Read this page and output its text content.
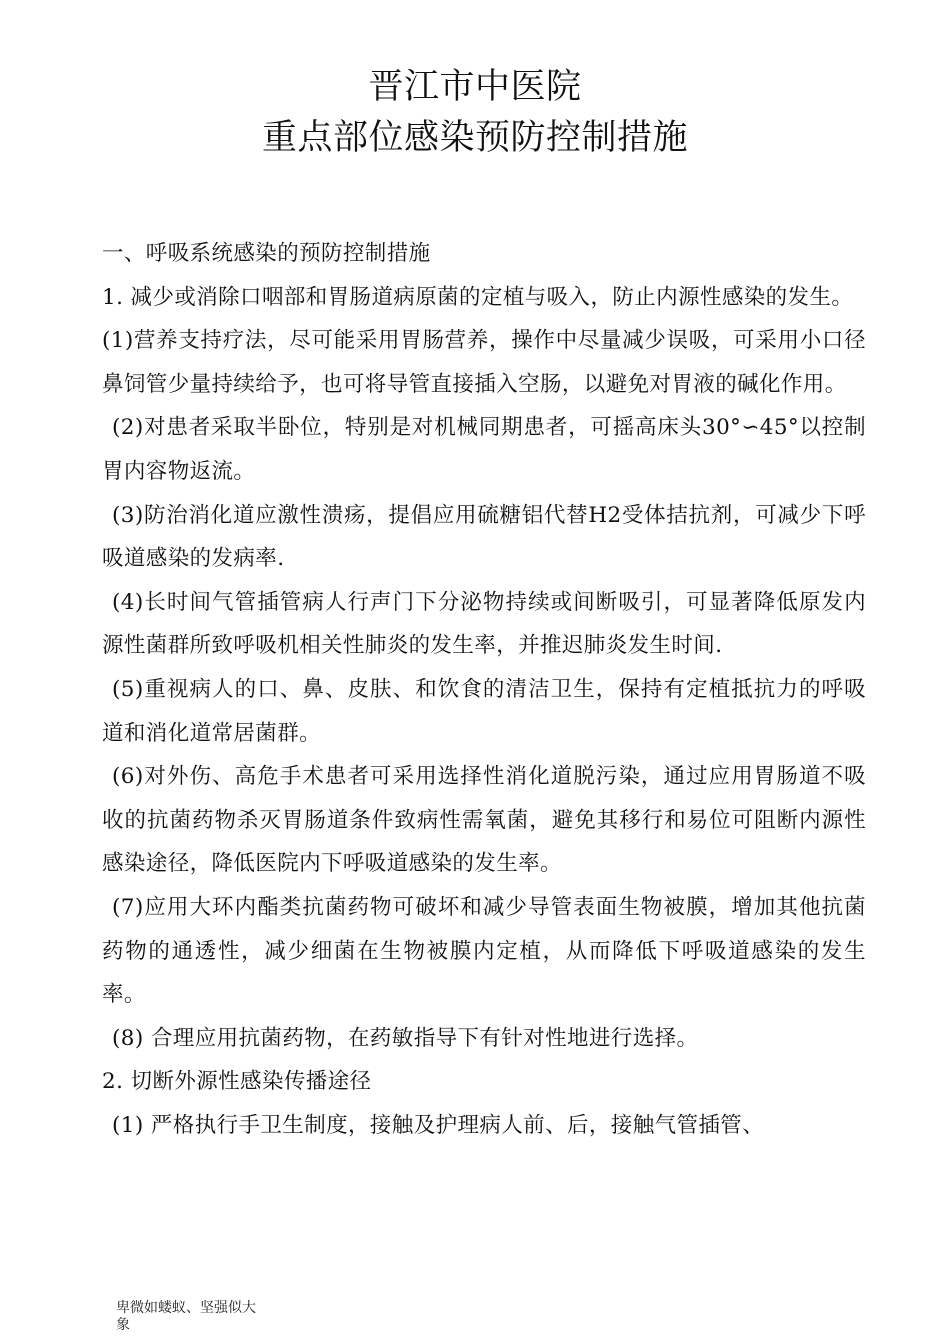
晋江市中医院
重点部位感染预防控制措施

一、呼吸系统感染的预防控制措施

1. 减少或消除口咽部和胃肠道病原菌的定植与吸入，防止内源性感染的发生。

(1)营养支持疗法，尽可能采用胃肠营养，操作中尽量减少误吸，可采用小口径鼻饲管少量持续给予，也可将导管直接插入空肠，以避免对胃液的碱化作用。

(2)对患者采取半卧位，特别是对机械同期患者，可摇高床头30°∽45°以控制胃内容物返流。

(3)防治消化道应激性溃疡，提倡应用硫糖铝代替H2受体拮抗剂，可减少下呼吸道感染的发病率.

(4)长时间气管插管病人行声门下分泌物持续或间断吸引，可显著降低原发内源性菌群所致呼吸机相关性肺炎的发生率，并推迟肺炎发生时间.

(5)重视病人的口、鼻、皮肤、和饮食的清洁卫生，保持有定植抵抗力的呼吸道和消化道常居菌群。

(6)对外伤、高危手术患者可采用选择性消化道脱污染，通过应用胃肠道不吸收的抗菌药物杀灭胃肠道条件致病性需氧菌，避免其移行和易位可阻断内源性感染途径，降低医院内下呼吸道感染的发生率。

(7)应用大环内酯类抗菌药物可破坏和减少导管表面生物被膜，增加其他抗菌药物的通透性，减少细菌在生物被膜内定植，从而降低下呼吸道感染的发生率。

(8) 合理应用抗菌药物，在药敏指导下有针对性地进行选择。

2. 切断外源性感染传播途径

(1) 严格执行手卫生制度，接触及护理病人前、后，接触气管插管、

卑微如蝼蚁、坚强似大象
